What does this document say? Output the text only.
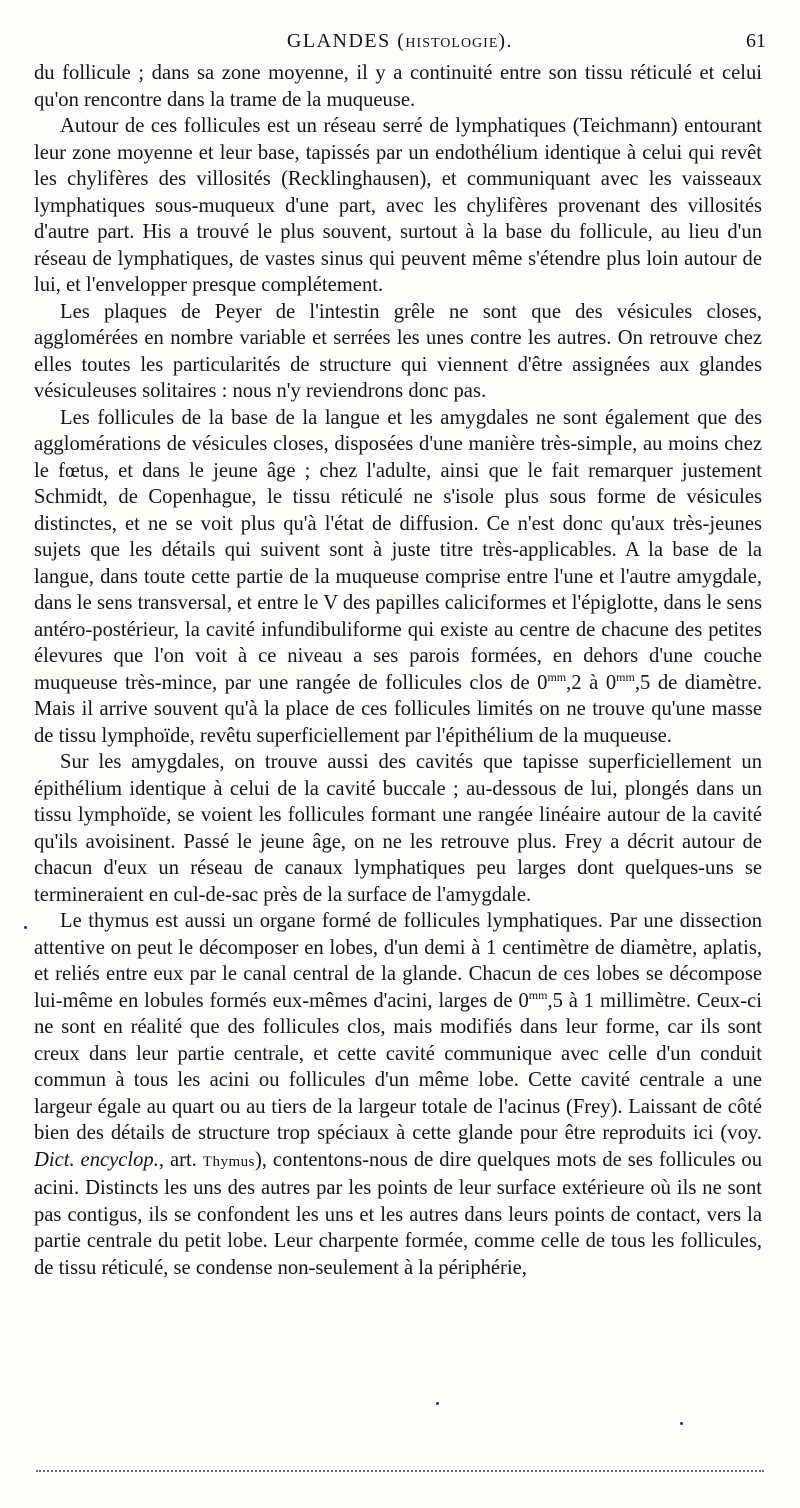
GLANDES (HISTOLOGIE).	61

du follicule ; dans sa zone moyenne, il y a continuité entre son tissu réticulé et celui qu'on rencontre dans la trame de la muqueuse.

Autour de ces follicules est un réseau serré de lymphatiques (Teichmann) entourant leur zone moyenne et leur base, tapissés par un endothélium identique à celui qui revêt les chylifères des villosités (Recklinghausen), et communiquant avec les vaisseaux lymphatiques sous-muqueux d'une part, avec les chylifères provenant des villosités d'autre part. His a trouvé le plus souvent, surtout à la base du follicule, au lieu d'un réseau de lymphatiques, de vastes sinus qui peuvent même s'étendre plus loin autour de lui, et l'envelopper presque complétement.

Les plaques de Peyer de l'intestin grêle ne sont que des vésicules closes, agglomérées en nombre variable et serrées les unes contre les autres. On retrouve chez elles toutes les particularités de structure qui viennent d'être assignées aux glandes vésiculeuses solitaires : nous n'y reviendrons donc pas.

Les follicules de la base de la langue et les amygdales ne sont également que des agglomérations de vésicules closes, disposées d'une manière très-simple, au moins chez le fœtus, et dans le jeune âge ; chez l'adulte, ainsi que le fait remarquer justement Schmidt, de Copenhague, le tissu réticulé ne s'isole plus sous forme de vésicules distinctes, et ne se voit plus qu'à l'état de diffusion. Ce n'est donc qu'aux très-jeunes sujets que les détails qui suivent sont à juste titre très-applicables. A la base de la langue, dans toute cette partie de la muqueuse comprise entre l'une et l'autre amygdale, dans le sens transversal, et entre le V des papilles caliciformes et l'épiglotte, dans le sens antéro-postérieur, la cavité infundibuliforme qui existe au centre de chacune des petites élevures que l'on voit à ce niveau a ses parois formées, en dehors d'une couche muqueuse très-mince, par une rangée de follicules clos de $0^{mm},2$ à $0^{mm},5$ de diamètre. Mais il arrive souvent qu'à la place de ces follicules limités on ne trouve qu'une masse de tissu lymphoïde, revêtu superficiellement par l'épithélium de la muqueuse.

Sur les amygdales, on trouve aussi des cavités que tapisse superficiellement un épithélium identique à celui de la cavité buccale ; au-dessous de lui, plongés dans un tissu lymphoïde, se voient les follicules formant une rangée linéaire autour de la cavité qu'ils avoisinent. Passé le jeune âge, on ne les retrouve plus. Frey a décrit autour de chacun d'eux un réseau de canaux lymphatiques peu larges dont quelques-uns se termineraient en cul-de-sac près de la surface de l'amygdale.

Le thymus est aussi un organe formé de follicules lymphatiques. Par une dissection attentive on peut le décomposer en lobes, d'un demi à 1 centimètre de diamètre, aplatis, et reliés entre eux par le canal central de la glande. Chacun de ces lobes se décompose lui-même en lobules formés eux-mêmes d'acini, larges de $0^{mm},5$ à 1 millimètre. Ceux-ci ne sont en réalité que des follicules clos, mais modifiés dans leur forme, car ils sont creux dans leur partie centrale, et cette cavité communique avec celle d'un conduit commun à tous les acini ou follicules d'un même lobe. Cette cavité centrale a une largeur égale au quart ou au tiers de la largeur totale de l'acinus (Frey). Laissant de côté bien des détails de structure trop spéciaux à cette glande pour être reproduits ici (voy. Dict. encyclop., art. Thymus), contentons-nous de dire quelques mots de ses follicules ou acini. Distincts les uns des autres par les points de leur surface extérieure où ils ne sont pas contigus, ils se confondent les uns et les autres dans leurs points de contact, vers la partie centrale du petit lobe. Leur charpente formée, comme celle de tous les follicules, de tissu réticulé, se condense non-seulement à la périphérie,
